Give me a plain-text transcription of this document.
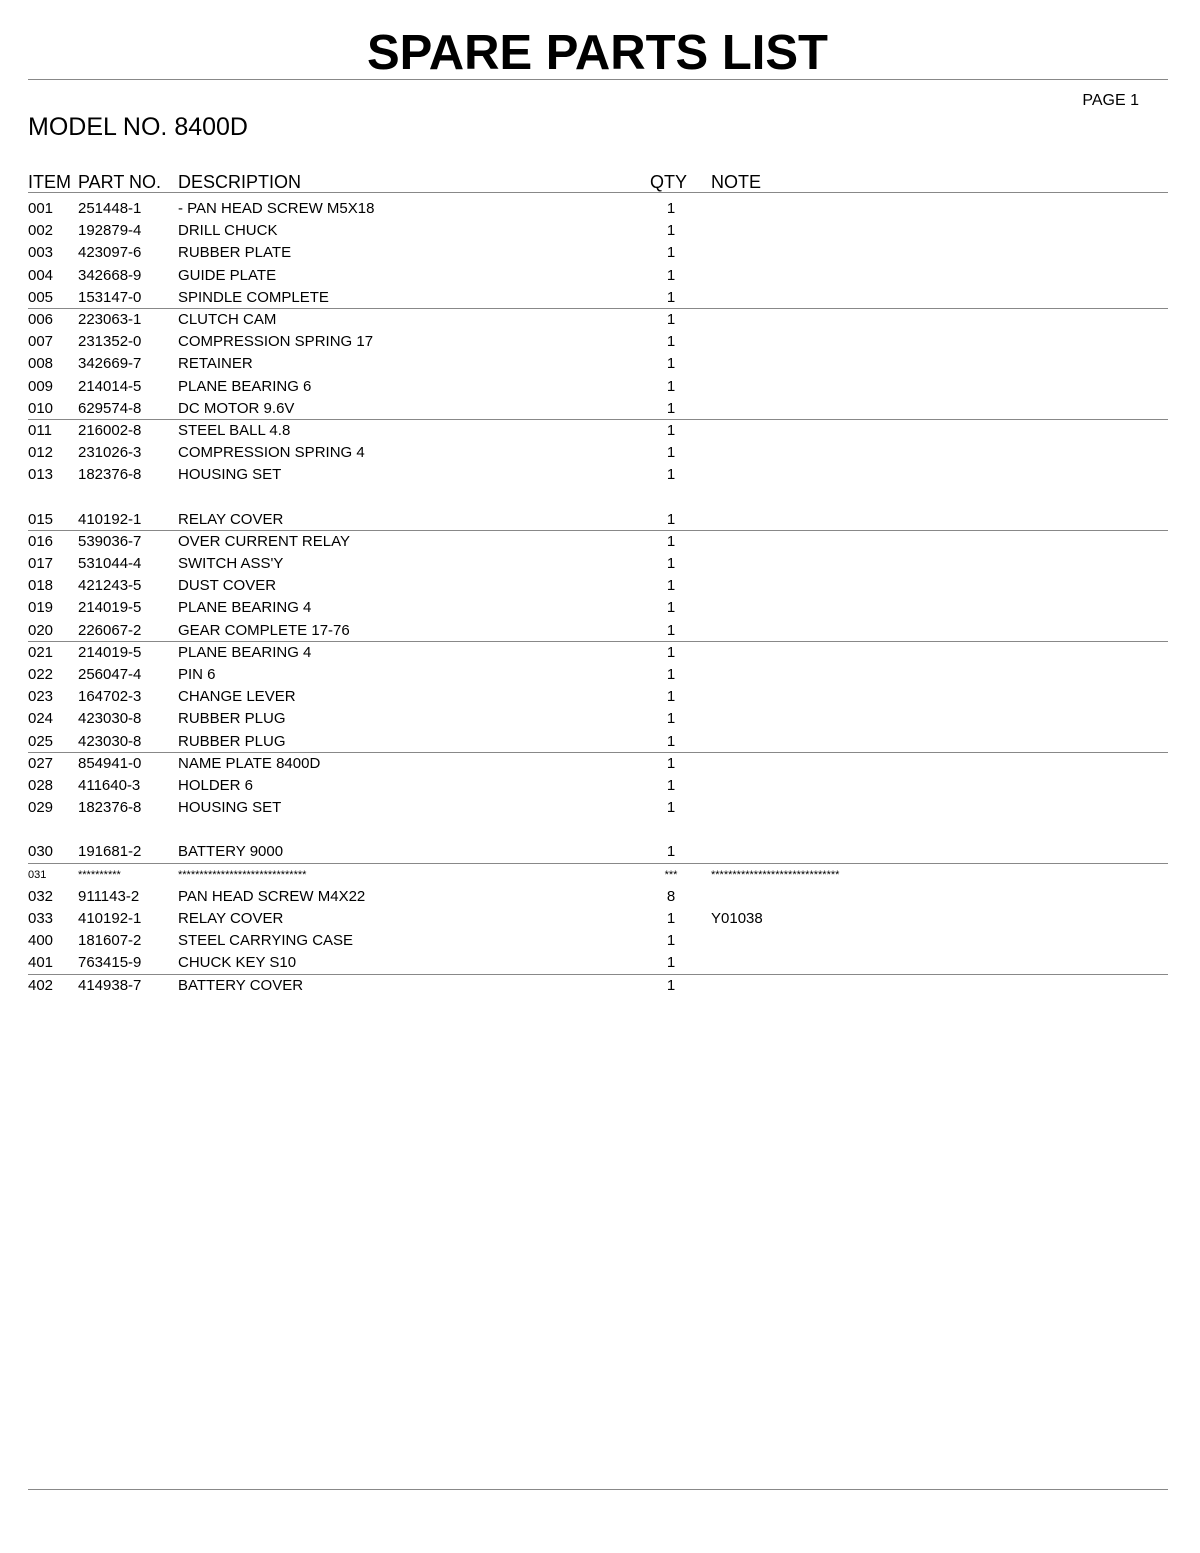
SPARE PARTS LIST
PAGE 1
MODEL NO. 8400D
ITEM PART NO. DESCRIPTION	QTY NOTE
001 251448-1 - PAN HEAD SCREW M5X18	1
002 192879-4 DRILL CHUCK	1
003 423097-6 RUBBER PLATE	1
004 342668-9 GUIDE PLATE	1
005 153147-0 SPINDLE COMPLETE	1
006 223063-1 CLUTCH CAM	1
007 231352-0 COMPRESSION SPRING 17	1
008 342669-7 RETAINER	1
009 214014-5 PLANE BEARING 6	1
010 629574-8 DC MOTOR 9.6V	1
011 216002-8 STEEL BALL 4.8	1
012 231026-3 COMPRESSION SPRING 4	1
013 182376-8 HOUSING SET	1
015 410192-1 RELAY COVER	1
016 539036-7 OVER CURRENT RELAY	1
017 531044-4 SWITCH ASS'Y	1
018 421243-5 DUST COVER	1
019 214019-5 PLANE BEARING 4	1
020 226067-2 GEAR COMPLETE 17-76	1
021 214019-5 PLANE BEARING 4	1
022 256047-4 PIN 6	1
023 164702-3 CHANGE LEVER	1
024 423030-8 RUBBER PLUG	1
025 423030-8 RUBBER PLUG	1
027 854941-0 NAME PLATE 8400D	1
028 411640-3	HOLDER 6	1
029 182376-8 HOUSING SET	1
030 191681-2 BATTERY 9000	1
031	**********	******************************	***	******************************
032 911143-2	PAN HEAD SCREW M4X22	8
033 410192-1 RELAY COVER	1	Y01038
400 181607-2 STEEL CARRYING CASE	1
401 763415-9 CHUCK KEY S10	1
402 414938-7 BATTERY COVER	1
